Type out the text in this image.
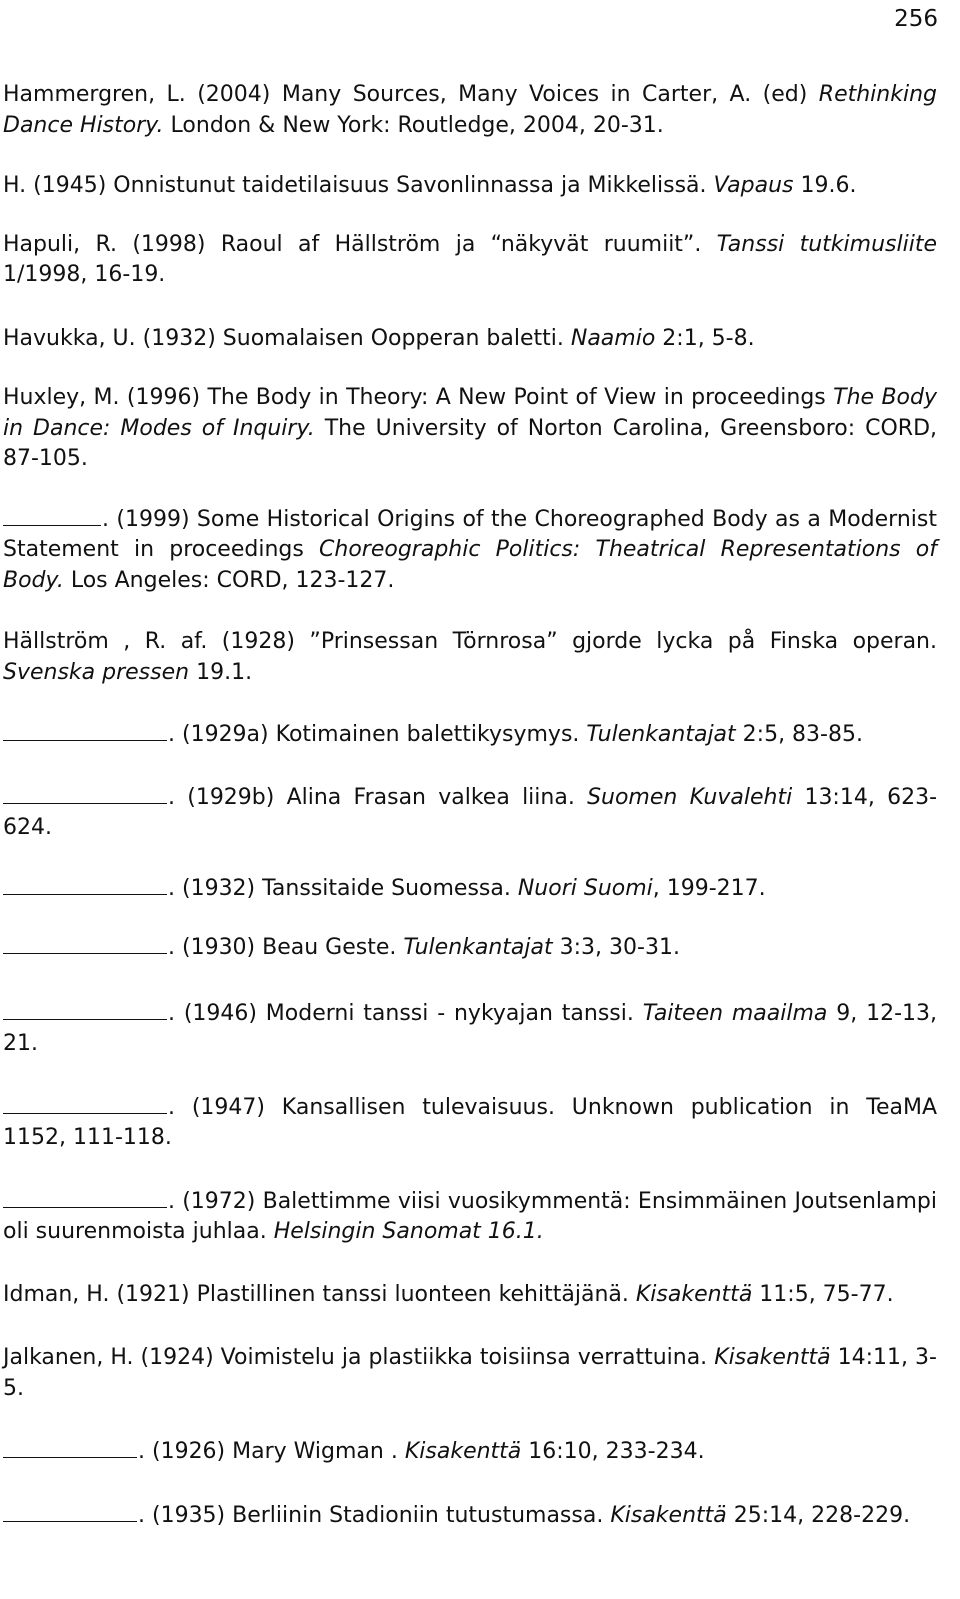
256

Hammergren, L. (2004) Many Sources, Many Voices in Carter, A. (ed) Rethinking Dance History. London & New York: Routledge, 2004, 20-31.

H. (1945) Onnistunut taidetilaisuus Savonlinnassa ja Mikkelissä. Vapaus 19.6.

Hapuli, R. (1998) Raoul af Hällström ja “näkyvät ruumiit”. Tanssi tutkimusliite 1/1998, 16-19.

Havukka, U. (1932) Suomalaisen Oopperan baletti. Naamio 2:1, 5-8.

Huxley, M. (1996) The Body in Theory: A New Point of View in proceedings The Body in Dance: Modes of Inquiry. The University of Norton Carolina, Greensboro: CORD, 87-105.

. (1999) Some Historical Origins of the Choreographed Body as a Modernist Statement in proceedings Choreographic Politics: Theatrical Representations of Body. Los Angeles: CORD, 123-127.

Hällström , R. af. (1928) ”Prinsessan Törnrosa” gjorde lycka på Finska operan. Svenska pressen 19.1.

. (1929a) Kotimainen balettikysymys. Tulenkantajat 2:5, 83-85.

. (1929b) Alina Frasan valkea liina. Suomen Kuvalehti 13:14, 623-624.

. (1932) Tanssitaide Suomessa. Nuori Suomi, 199-217.

. (1930) Beau Geste. Tulenkantajat 3:3, 30-31.

. (1946) Moderni tanssi - nykyajan tanssi. Taiteen maailma 9, 12-13, 21.

. (1947) Kansallisen tulevaisuus. Unknown publication in TeaMA 1152, 111-118.

. (1972) Balettimme viisi vuosikymmentä: Ensimmäinen Joutsenlampi oli suurenmoista juhlaa. Helsingin Sanomat 16.1.

Idman, H. (1921) Plastillinen tanssi luonteen kehittäjänä. Kisakenttä 11:5, 75-77.

Jalkanen, H. (1924) Voimistelu ja plastiikka toisiinsa verrattuina. Kisakenttä 14:11, 3-5.

. (1926) Mary Wigman . Kisakenttä 16:10, 233-234.

. (1935) Berliinin Stadioniin tutustumassa. Kisakenttä 25:14, 228-229.
